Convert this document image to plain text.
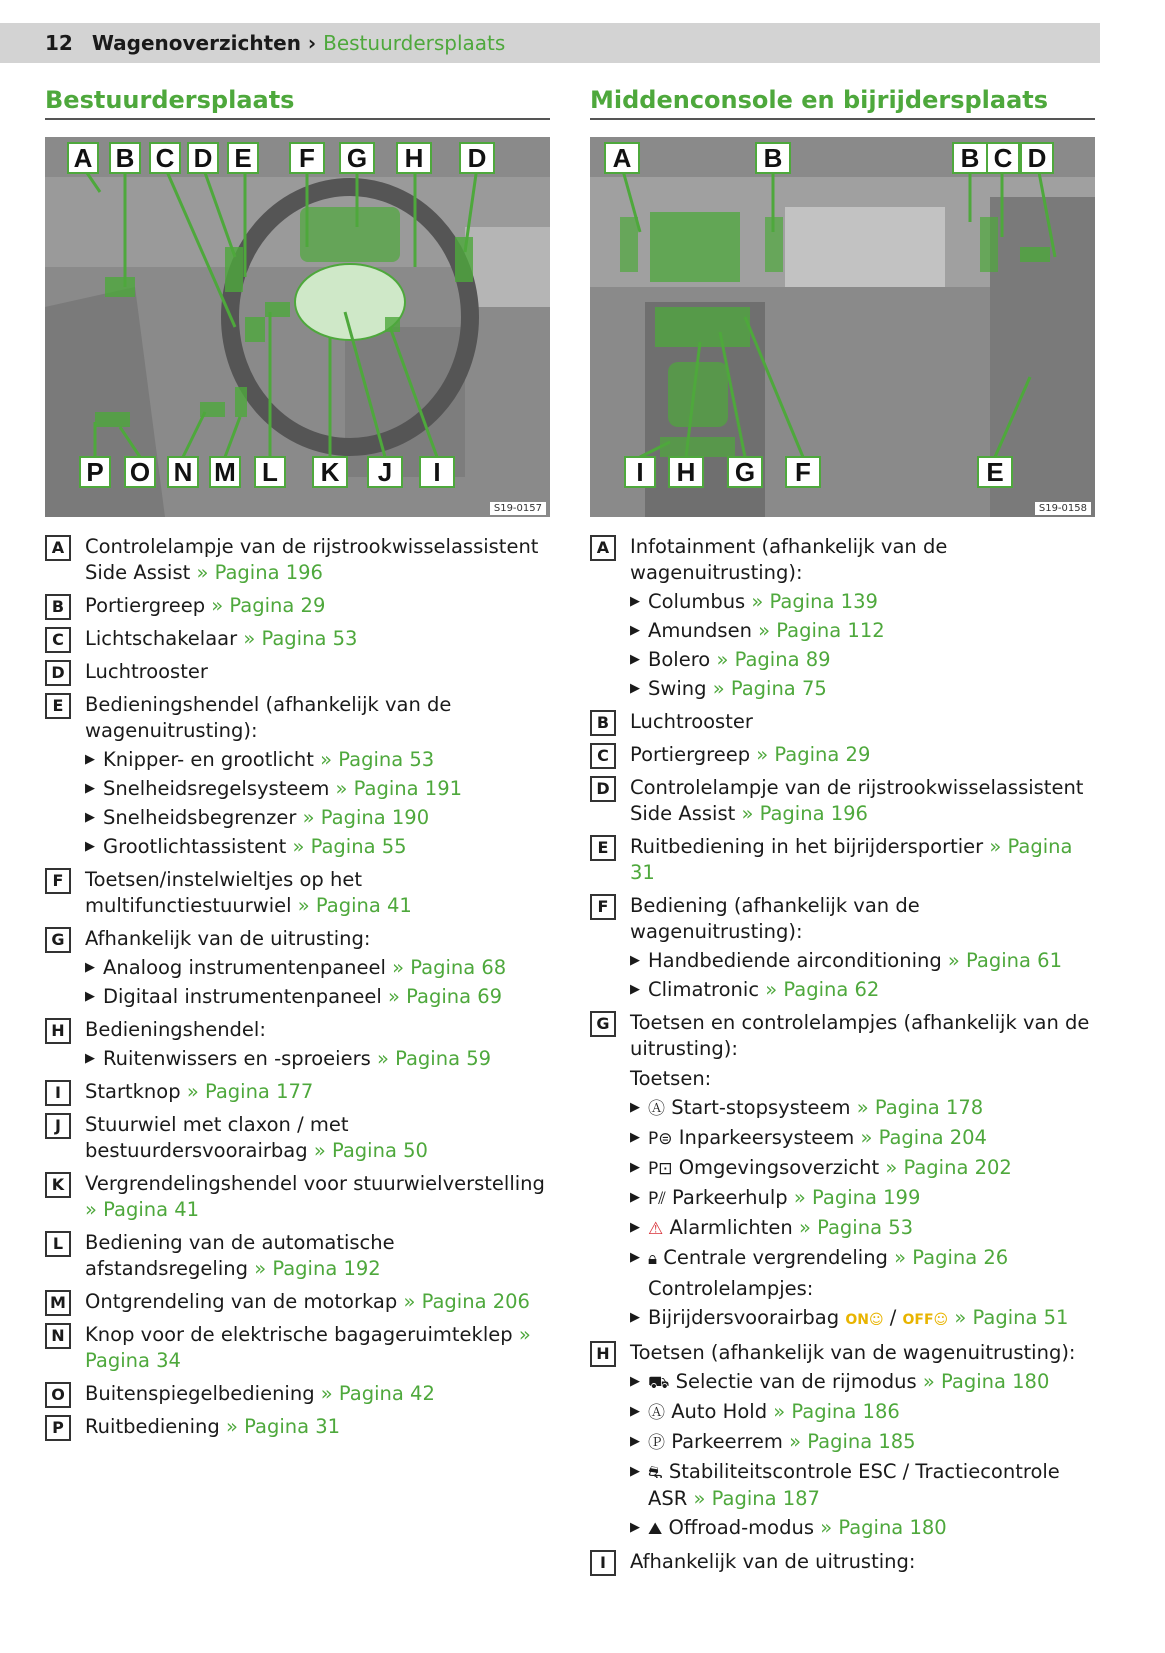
12 Wagenoverzichten › Bestuurdersplaats
Bestuurdersplaats	Middenconsole en bijrijdersplaats
A B C D E F G H D
P O N M L K J I
S19-0157
A	B	B C D
I H G F	E
S19-0158
A	Controlelampje van de rijstrookwisselassistent Side Assist » Pagina 196
B	Portiergreep » Pagina 29
C	Lichtschakelaar » Pagina 53
D	Luchtrooster
E	Bedieningshendel (afhankelijk van de wagenuitrusting):
▶ Knipper- en grootlicht » Pagina 53
▶ Snelheidsregelsysteem » Pagina 191
▶ Snelheidsbegrenzer » Pagina 190
▶ Grootlichtassistent » Pagina 55
F	Toetsen/instelwieltjes op het multifunctiestuurwiel » Pagina 41
G	Afhankelijk van de uitrusting:
▶ Analoog instrumentenpaneel » Pagina 68
▶ Digitaal instrumentenpaneel » Pagina 69
H	Bedieningshendel:
▶ Ruitenwissers en -sproeiers » Pagina 59
I	Startknop » Pagina 177
J	Stuurwiel met claxon / met bestuurdersvoorairbag » Pagina 50
K	Vergrendelingshendel voor stuurwielverstelling » Pagina 41
L	Bediening van de automatische afstandsregeling » Pagina 192
M Ontgrendeling van de motorkap » Pagina 206
N	Knop voor de elektrische bagageruimteklep » Pagina 34
O	Buitenspiegelbediening » Pagina 42
P	Ruitbediening » Pagina 31
A	Infotainment (afhankelijk van de wagenuitrusting):
▶ Columbus » Pagina 139
▶ Amundsen » Pagina 112
▶ Bolero » Pagina 89
▶ Swing » Pagina 75
B	Luchtrooster
C	Portiergreep » Pagina 29
D	Controlelampje van de rijstrookwisselassistent Side Assist » Pagina 196
E	Ruitbediening in het bijrijdersportier » Pagina 31
F	Bediening (afhankelijk van de wagenuitrusting):
▶ Handbediende airconditioning » Pagina 61
▶ Climatronic » Pagina 62
G	Toetsen en controlelampjes (afhankelijk van de uitrusting):
Toetsen:
▶ Ⓐ Start-stopsysteem » Pagina 178
▶ P⊜ Inparkeersysteem » Pagina 204
▶ P⊡ Omgevingsoverzicht » Pagina 202
▶ P⫽ Parkeerhulp » Pagina 199
▶ ⚠ Alarmlichten » Pagina 53
▶ 🔒︎ Centrale vergrendeling » Pagina 26
Controlelampjes:
▶ Bijrijdersvoorairbag ON☺ / OFF☺ » Pagina 51
H	Toetsen (afhankelijk van de wagenuitrusting):
▶ ⛟ Selectie van de rijmodus » Pagina 180
▶ Ⓐ Auto Hold » Pagina 186
▶ Ⓟ Parkeerrem » Pagina 185
▶ ⛐ Stabiliteitscontrole ESC / Tractiecontrole ASR » Pagina 187
▶ ⛰ Offroad-modus » Pagina 180
I	Afhankelijk van de uitrusting:
